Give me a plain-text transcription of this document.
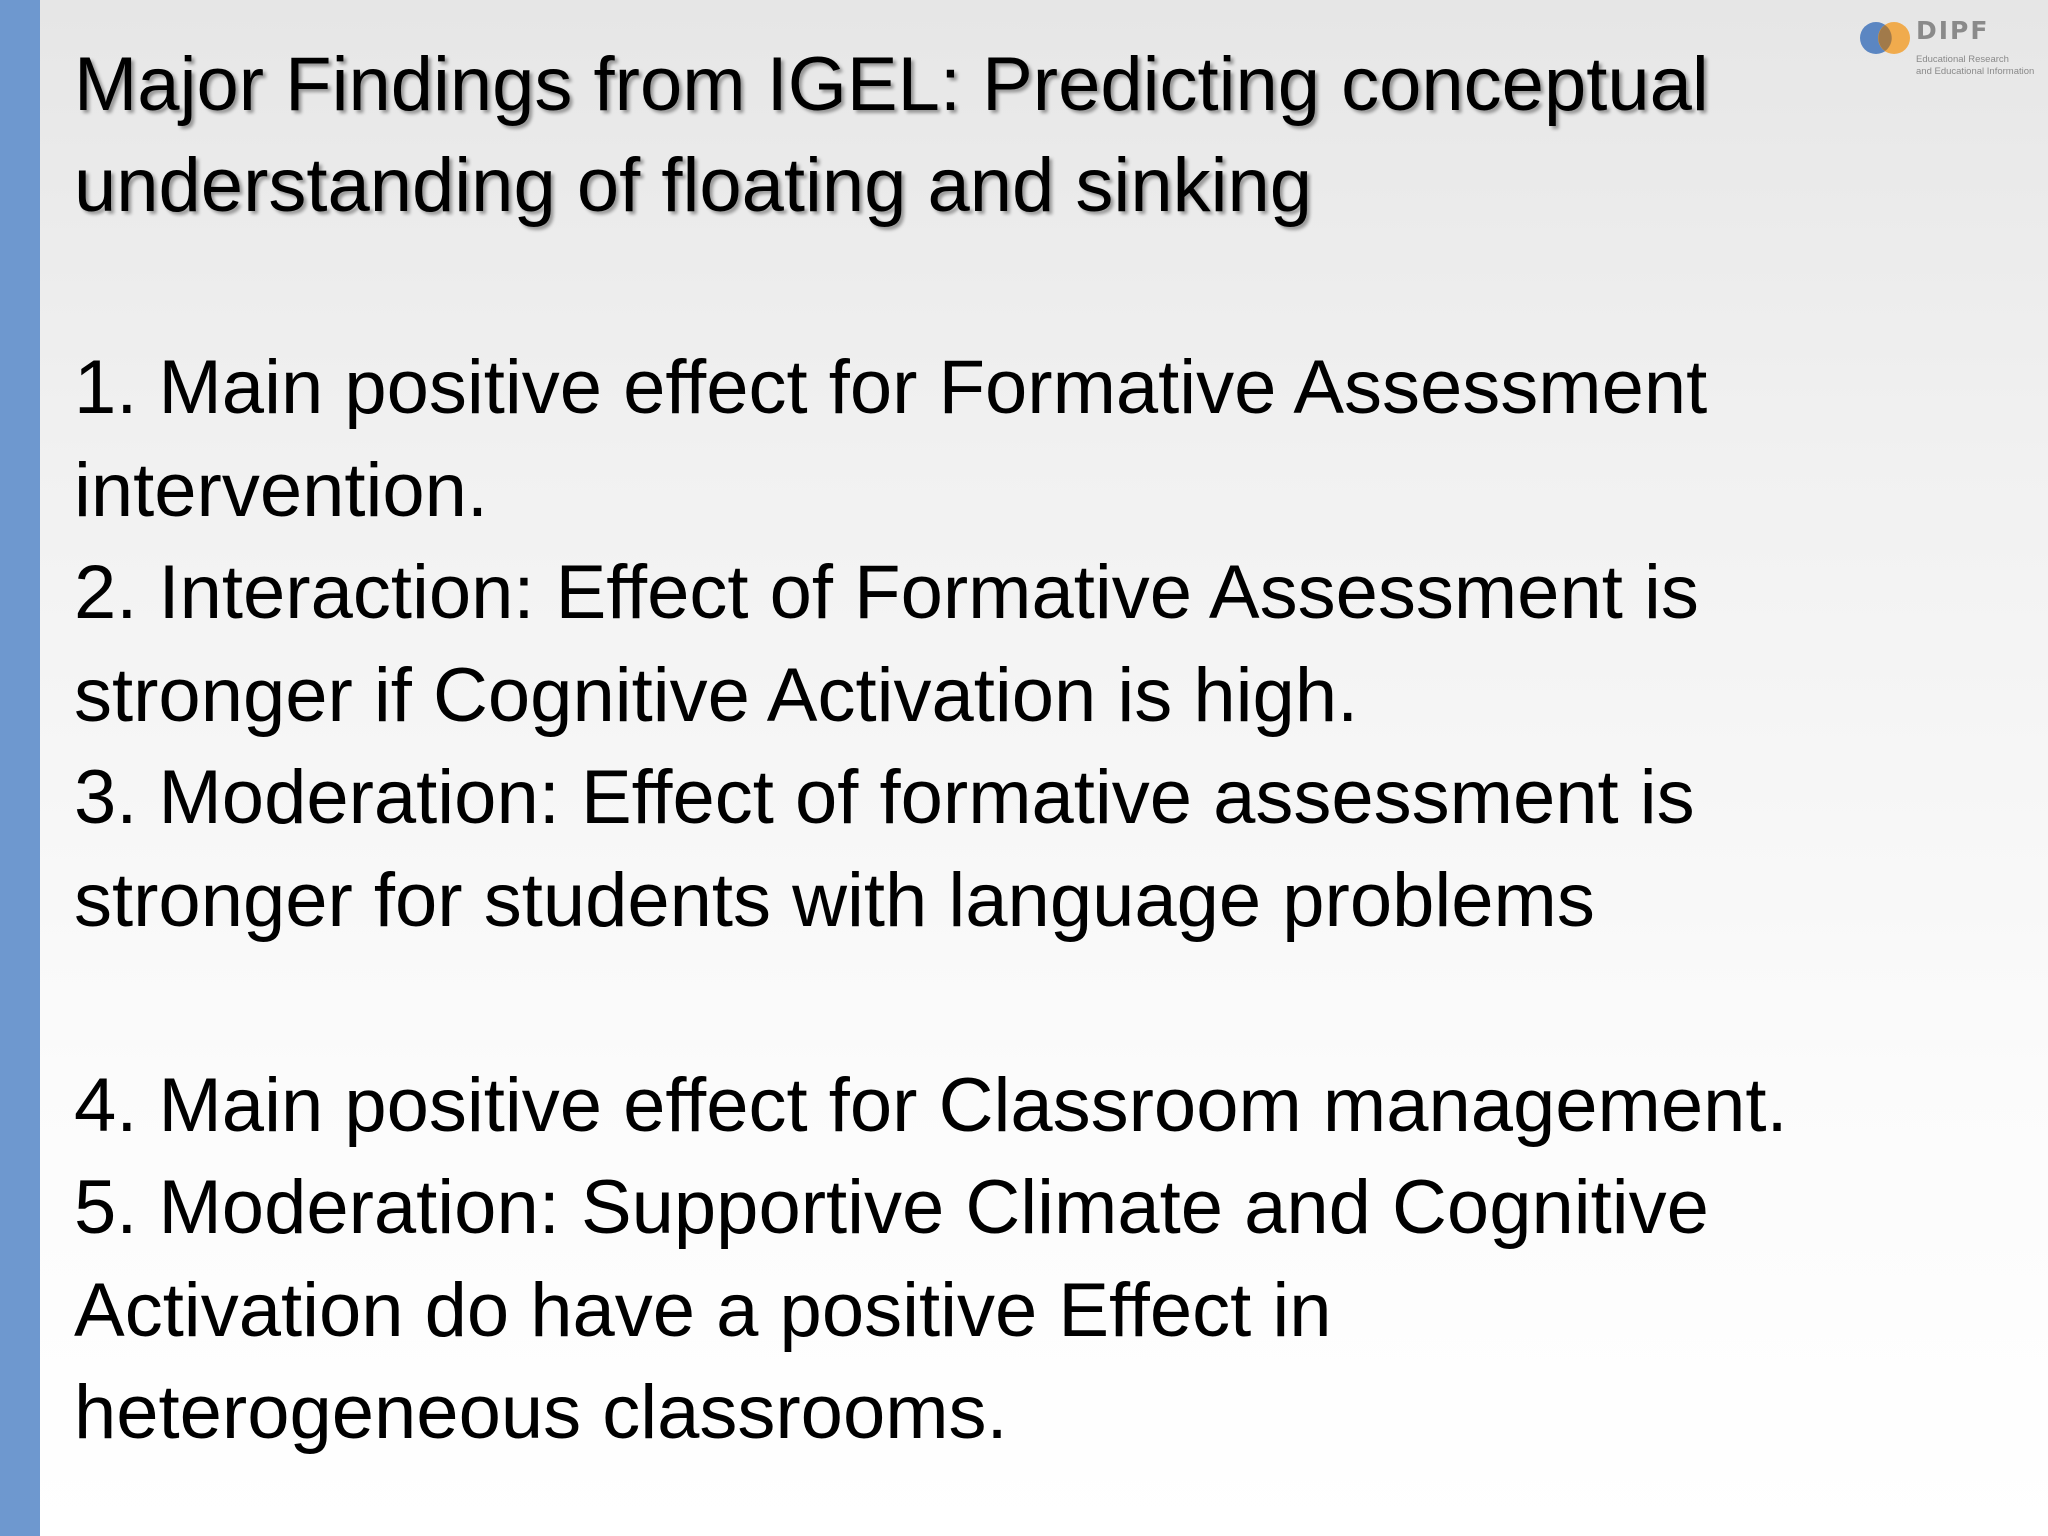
DIPF
Educational Research
and Educational Information
Major Findings from IGEL: Predicting conceptual
understanding of floating and sinking
1. Main positive effect for Formative Assessment
intervention.
2. Interaction: Effect of Formative Assessment is
stronger if Cognitive Activation is high.
3. Moderation: Effect of formative assessment is
stronger for students with language problems
4. Main positive effect for Classroom management.
5. Moderation: Supportive Climate and Cognitive
Activation do have a positive Effect in
heterogeneous classrooms.
